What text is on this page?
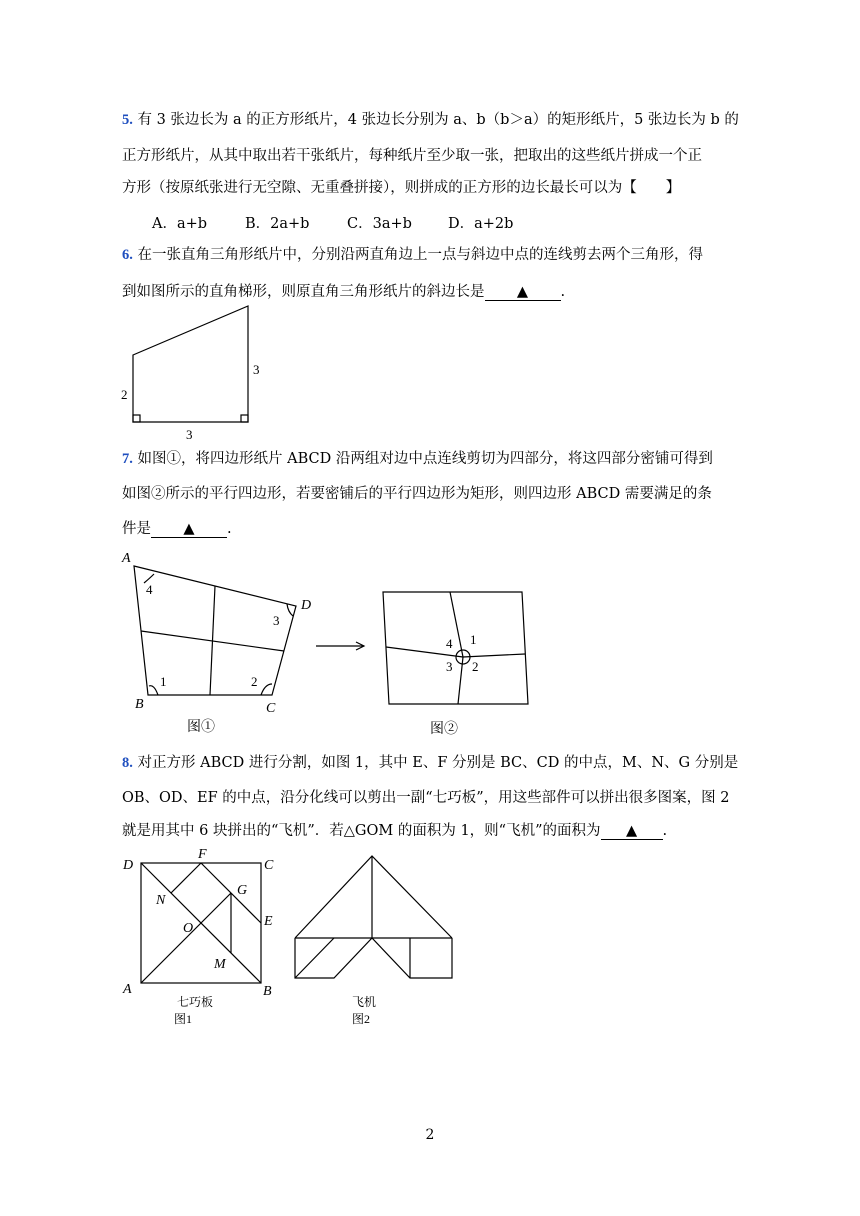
5. 有 3 张边长为 a 的正方形纸片，4 张边长分别为 a、b（b＞a）的矩形纸片，5 张边长为 b 的
正方形纸片，从其中取出若干张纸片，每种纸片至少取一张，把取出的这些纸片拼成一个正
方形（按原纸张进行无空隙、无重叠拼接），则拼成的正方形的边长最长可以为【　　】
A．a+b	B．2a+b	C．3a+b D．a+2b
6. 在一张直角三角形纸片中，分别沿两直角边上一点与斜边中点的连线剪去两个三角形，得
到如图所示的直角梯形，则原直角三角形纸片的斜边长是 ▲ .
7. 如图①，将四边形纸片 ABCD 沿两组对边中点连线剪切为四部分，将这四部分密铺可得到
如图②所示的平行四边形，若要密铺后的平行四边形为矩形，则四边形 ABCD 需要满足的条
件是 ▲ .
8. 对正方形 ABCD 进行分割，如图 1，其中 E、F 分别是 BC、CD 的中点，M、N、G 分别是
OB、OD、EF 的中点，沿分化线可以剪出一副“七巧板”，用这些部件可以拼出很多图案，图 2
就是用其中 6 块拼出的“飞机”．若△GOM 的面积为 1，则“飞机”的面积为 ▲ .
2
3
3
A
B	C
D
4
1	2
3
图①
4 1
3 2
图②
D
F
C
G
N
E
O
M
A	B
七巧板
图1
飞机
图2
2
